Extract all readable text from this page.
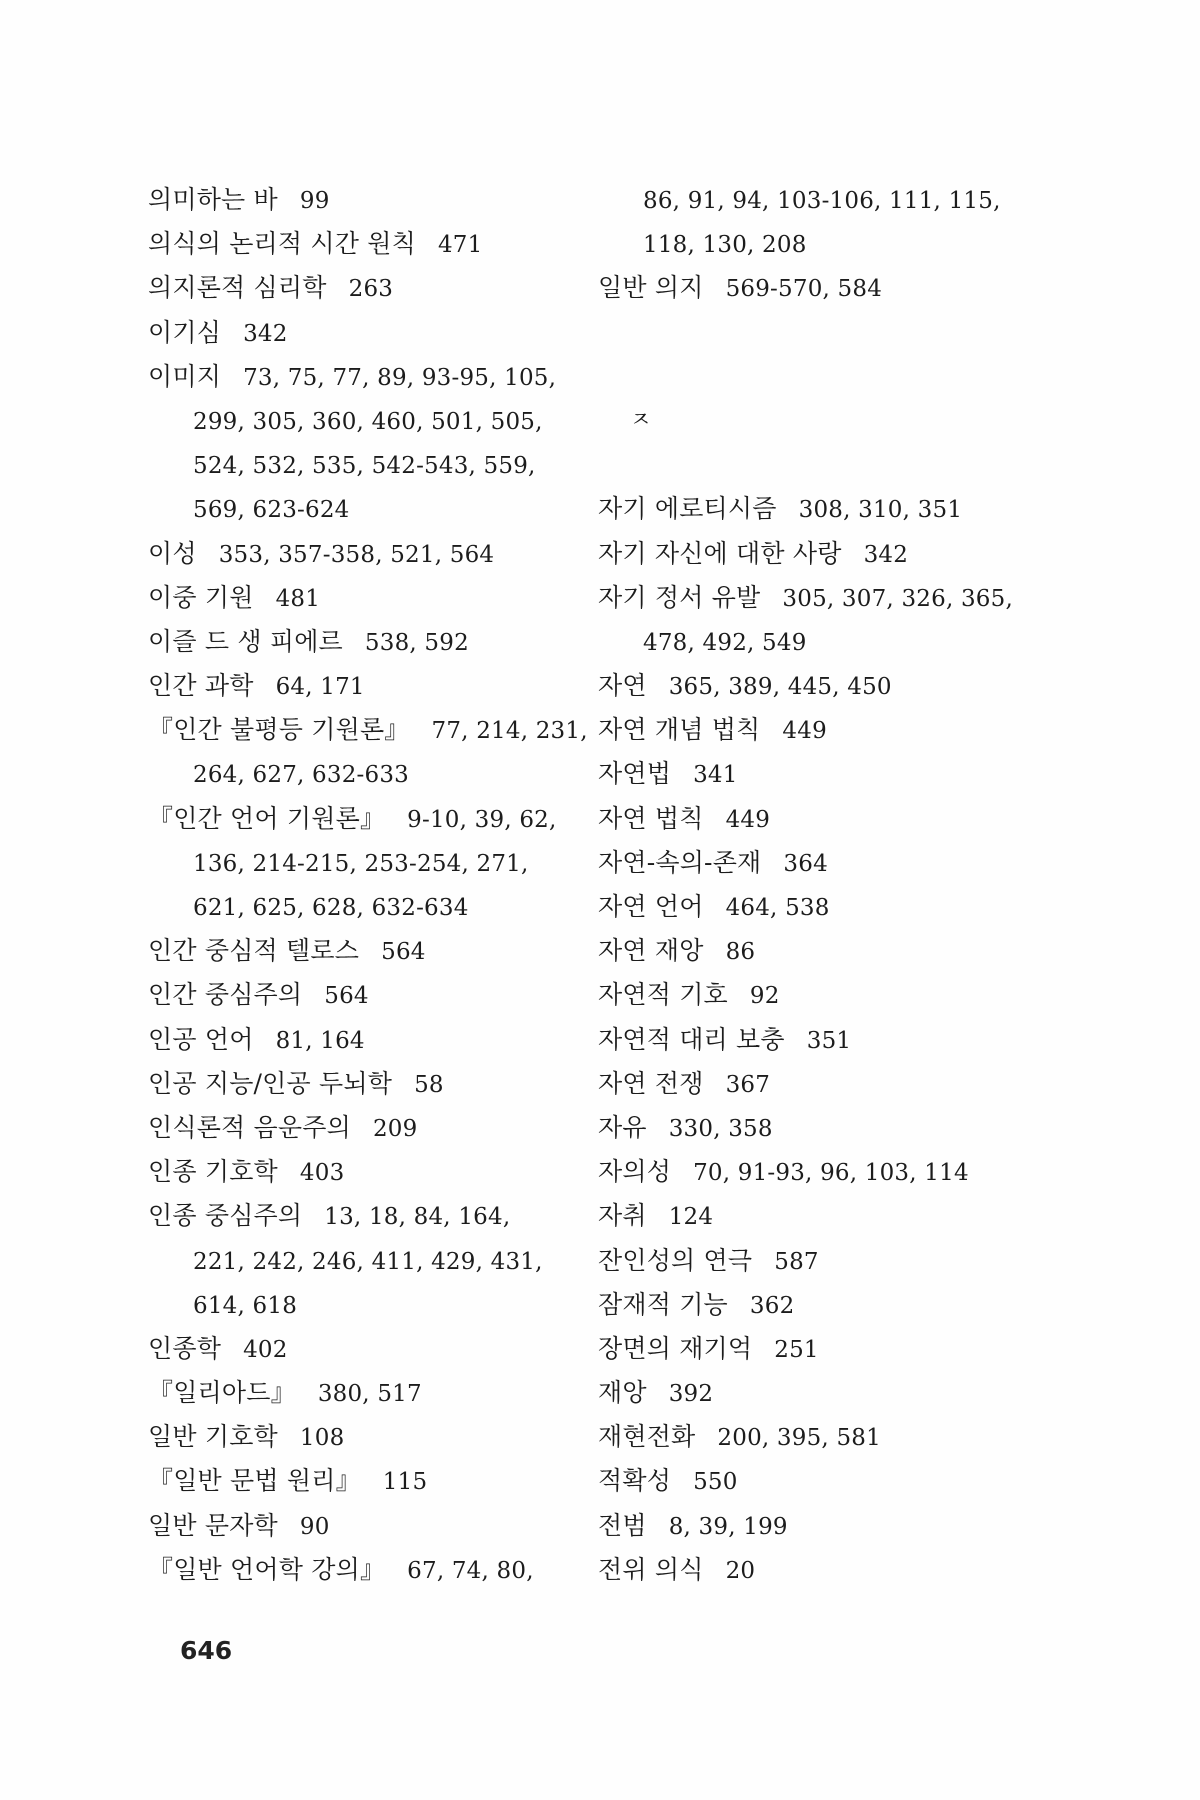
의미하는 바 99
의식의 논리적 시간 원칙 471
의지론적 심리학 263
이기심 342
이미지 73, 75, 77, 89, 93-95, 105,
299, 305, 360, 460, 501, 505,
524, 532, 535, 542-543, 559,
569, 623-624
이성 353, 357-358, 521, 564
이중 기원 481
이즐 드 생 피에르 538, 592
인간 과학 64, 171
『인간 불평등 기원론』 77, 214, 231,
264, 627, 632-633
『인간 언어 기원론』 9-10, 39, 62,
136, 214-215, 253-254, 271,
621, 625, 628, 632-634
인간 중심적 텔로스 564
인간 중심주의 564
인공 언어 81, 164
인공 지능/인공 두뇌학 58
인식론적 음운주의 209
인종 기호학 403
인종 중심주의 13, 18, 84, 164,
221, 242, 246, 411, 429, 431,
614, 618
인종학 402
『일리아드』 380, 517
일반 기호학 108
『일반 문법 원리』 115
일반 문자학 90
『일반 언어학 강의』 67, 74, 80,
86, 91, 94, 103-106, 111, 115,
118, 130, 208
일반 의지 569-570, 584
ㅈ
자기 에로티시즘 308, 310, 351
자기 자신에 대한 사랑 342
자기 정서 유발 305, 307, 326, 365,
478, 492, 549
자연 365, 389, 445, 450
자연 개념 법칙 449
자연법 341
자연 법칙 449
자연-속의-존재 364
자연 언어 464, 538
자연 재앙 86
자연적 기호 92
자연적 대리 보충 351
자연 전쟁 367
자유 330, 358
자의성 70, 91-93, 96, 103, 114
자취 124
잔인성의 연극 587
잠재적 기능 362
장면의 재기억 251
재앙 392
재현전화 200, 395, 581
적확성 550
전범 8, 39, 199
전위 의식 20
646
